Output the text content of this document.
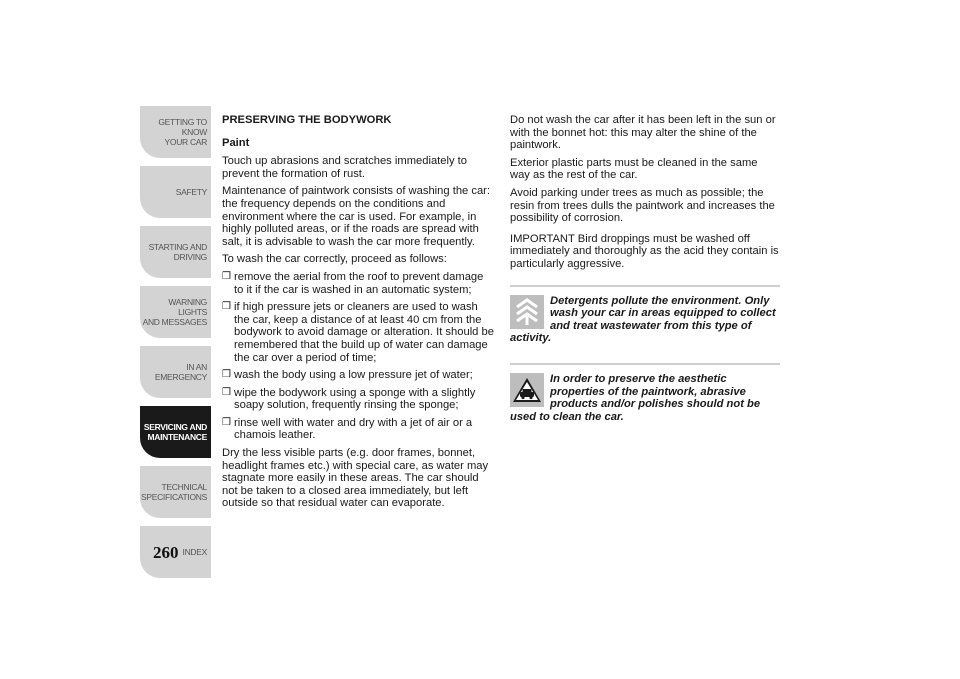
GETTING TO KNOW
YOUR CAR
SAFETY
STARTING AND
DRIVING
WARNING LIGHTS
AND MESSAGES
IN AN EMERGENCY
SERVICING AND
MAINTENANCE
TECHNICAL
SPECIFICATIONS
INDEX
260
PRESERVING THE BODYWORK
Paint

Touch up abrasions and scratches immediately to prevent the formation of rust.

Maintenance of paintwork consists of washing the car: the frequency depends on the conditions and environment where the car is used. For example, in highly polluted areas, or if the roads are spread with salt, it is advisable to wash the car more frequently.

To wash the car correctly, proceed as follows:

❒ remove the aerial from the roof to prevent damage to it if the car is washed in an automatic system;
❒ if high pressure jets or cleaners are used to wash the car, keep a distance of at least 40 cm from the bodywork to avoid damage or alteration. It should be remembered that the build up of water can damage the car over a period of time;
❒ wash the body using a low pressure jet of water;
❒ wipe the bodywork using a sponge with a slightly soapy solution, frequently rinsing the sponge;
❒ rinse well with water and dry with a jet of air or a chamois leather.

Dry the less visible parts (e.g. door frames, bonnet, headlight frames etc.) with special care, as water may stagnate more easily in these areas. The car should not be taken to a closed area immediately, but left outside so that residual water can evaporate.

Do not wash the car after it has been left in the sun or with the bonnet hot: this may alter the shine of the paintwork.

Exterior plastic parts must be cleaned in the same way as the rest of the car.

Avoid parking under trees as much as possible; the resin from trees dulls the paintwork and increases the possibility of corrosion.

IMPORTANT Bird droppings must be washed off immediately and thoroughly as the acid they contain is particularly aggressive.

Detergents pollute the environment. Only wash your car in areas equipped to collect and treat wastewater from this type of activity.
In order to preserve the aesthetic properties of the paintwork, abrasive products and/or polishes should not be used to clean the car.
